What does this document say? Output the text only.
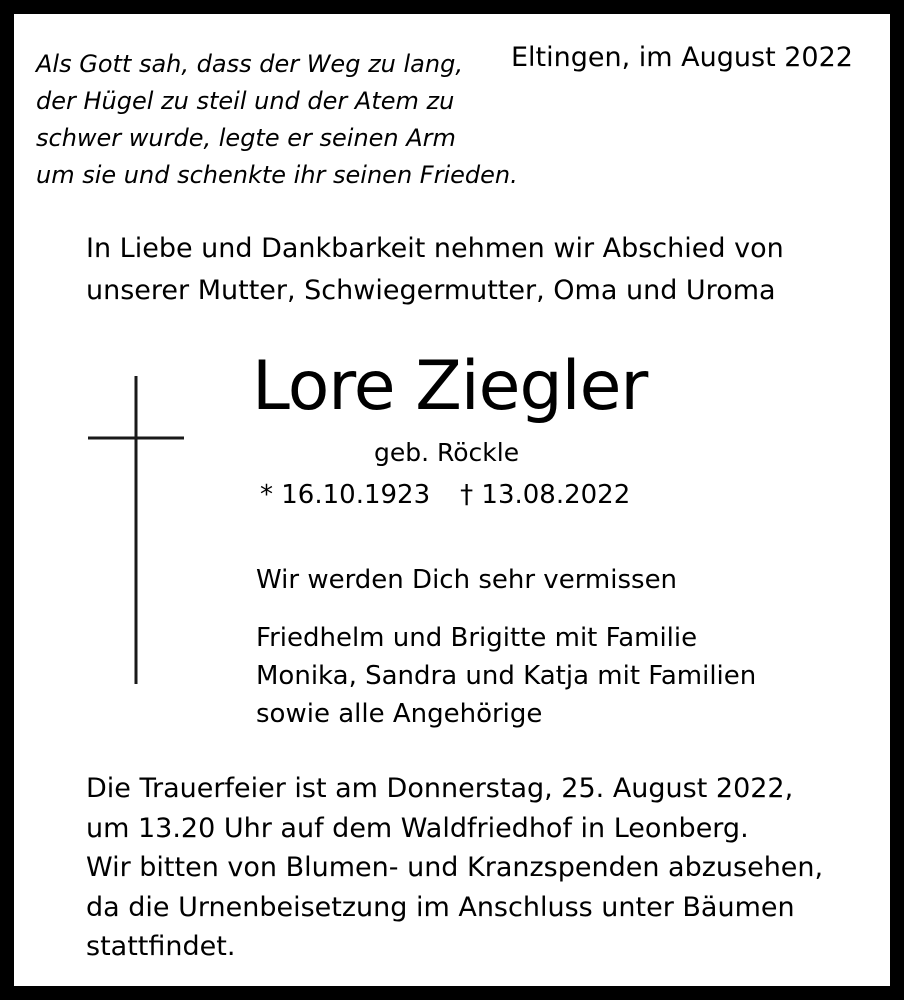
Als Gott sah, dass der Weg zu lang,
der Hügel zu steil und der Atem zu
schwer wurde, legte er seinen Arm
um sie und schenkte ihr seinen Frieden.
Eltingen, im August 2022
In Liebe und Dankbarkeit nehmen wir Abschied von
unserer Mutter, Schwiegermutter, Oma und Uroma
Lore Ziegler
geb. Röckle
* 16.10.1923 † 13.08.2022
Wir werden Dich sehr vermissen
Friedhelm und Brigitte mit Familie
Monika, Sandra und Katja mit Familien
sowie alle Angehörige
Die Trauerfeier ist am Donnerstag, 25. August 2022,
um 13.20 Uhr auf dem Waldfriedhof in Leonberg.
Wir bitten von Blumen- und Kranzspenden abzusehen,
da die Urnenbeisetzung im Anschluss unter Bäumen
stattfindet.
